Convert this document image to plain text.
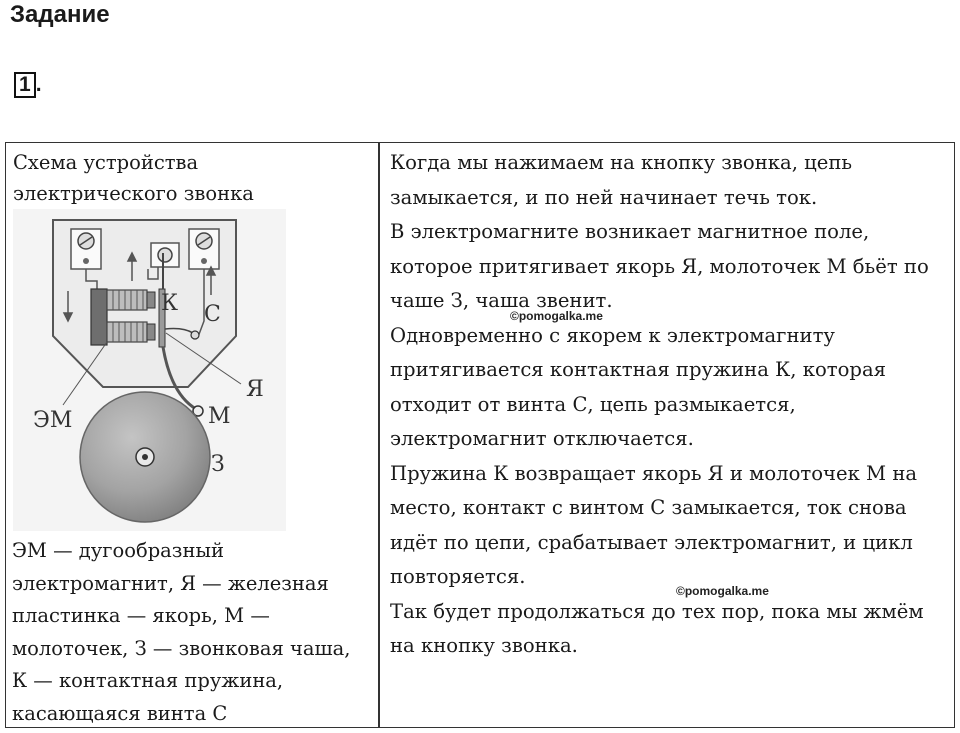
Задание
1 .
Схема устройства
электрического звонка
К С
Я
М
ЭМ
З
ЭМ — дугообразный
электромагнит, Я — железная
пластинка — якорь, М —
молоточек, З — звонковая чаша,
К — контактная пружина,
касающаяся винта С
Когда мы нажимаем на кнопку звонка, цепь
замыкается, и по ней начинает течь ток.
В электромагните возникает магнитное поле,
которое притягивает якорь Я, молоточек М бьёт по
чаше З, чаша звенит.
Одновременно с якорем к электромагниту
притягивается контактная пружина К, которая
отходит от винта С, цепь размыкается,
электромагнит отключается.
Пружина К возвращает якорь Я и молоточек М на
место, контакт с винтом С замыкается, ток снова
идёт по цепи, срабатывает электромагнит, и цикл
повторяется.
Так будет продолжаться до тех пор, пока мы жмём
на кнопку звонка.
©pomogalka.me
©pomogalka.me
